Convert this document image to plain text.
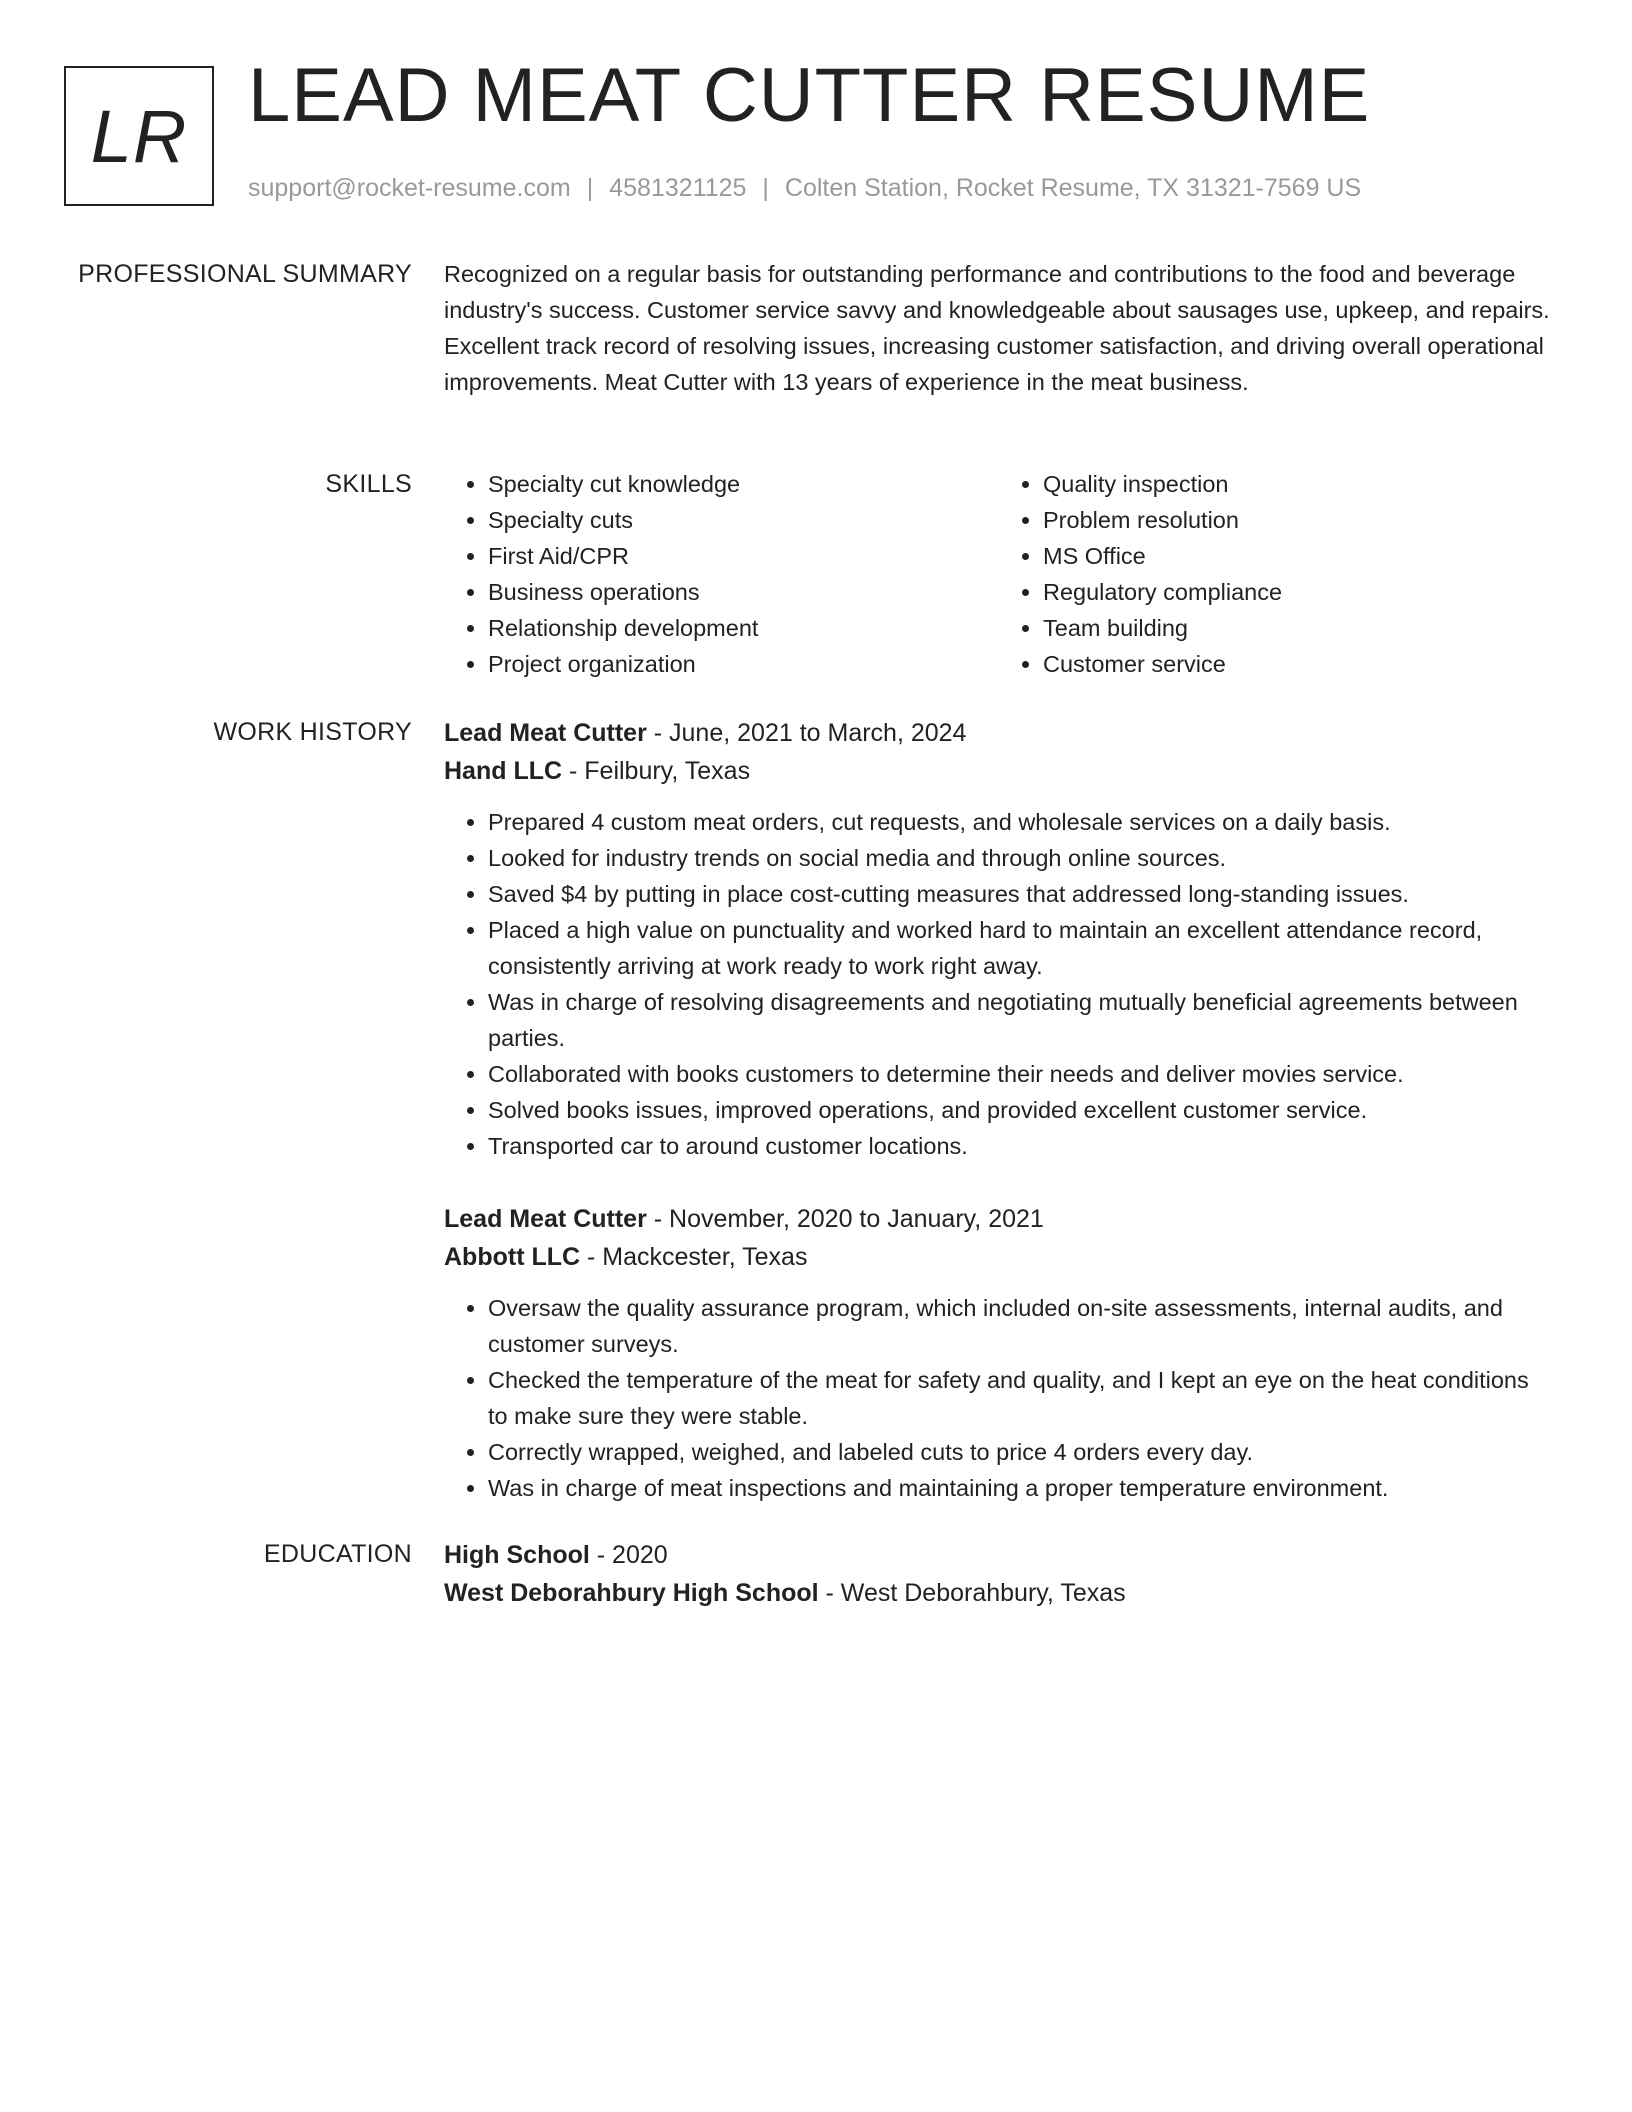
LR LEAD MEAT CUTTER RESUME
support@rocket-resume.com | 4581321125 | Colten Station, Rocket Resume, TX 31321-7569 US
PROFESSIONAL SUMMARY Recognized on a regular basis for outstanding performance and contributions to the food and beverage industry's success. Customer service savvy and knowledgeable about sausages use, upkeep, and repairs. Excellent track record of resolving issues, increasing customer satisfaction, and driving overall operational improvements. Meat Cutter with 13 years of experience in the meat business.

SKILLS
•	Specialty cut knowledge
• Specialty cuts
• First Aid/CPR
• Business operations
• Relationship development
• Project organization
• Quality inspection
• Problem resolution
• MS Office
• Regulatory compliance
• Team building
• Customer service
WORK HISTORY Lead Meat Cutter - June, 2021 to March, 2024

Hand LLC - Feilbury, Texas

• Prepared 4 custom meat orders, cut requests, and wholesale services on a daily basis.
• Looked for industry trends on social media and through online sources.
• Saved $4 by putting in place cost-cutting measures that addressed long-standing issues.
• Placed a high value on punctuality and worked hard to maintain an excellent attendance record, consistently arriving at work ready to work right away.
• Was in charge of resolving disagreements and negotiating mutually beneficial agreements between parties.
• Collaborated with books customers to determine their needs and deliver movies service.
• Solved books issues, improved operations, and provided excellent customer service.
• Transported car to around customer locations.

Lead Meat Cutter - November, 2020 to January, 2021

Abbott LLC - Mackcester, Texas

• Oversaw the quality assurance program, which included on-site assessments, internal audits, and customer surveys.
• Checked the temperature of the meat for safety and quality, and I kept an eye on the heat conditions to make sure they were stable.
• Correctly wrapped, weighed, and labeled cuts to price 4 orders every day.
• Was in charge of meat inspections and maintaining a proper temperature environment.
EDUCATION High School - 2020

West Deborahbury High School - West Deborahbury, Texas
